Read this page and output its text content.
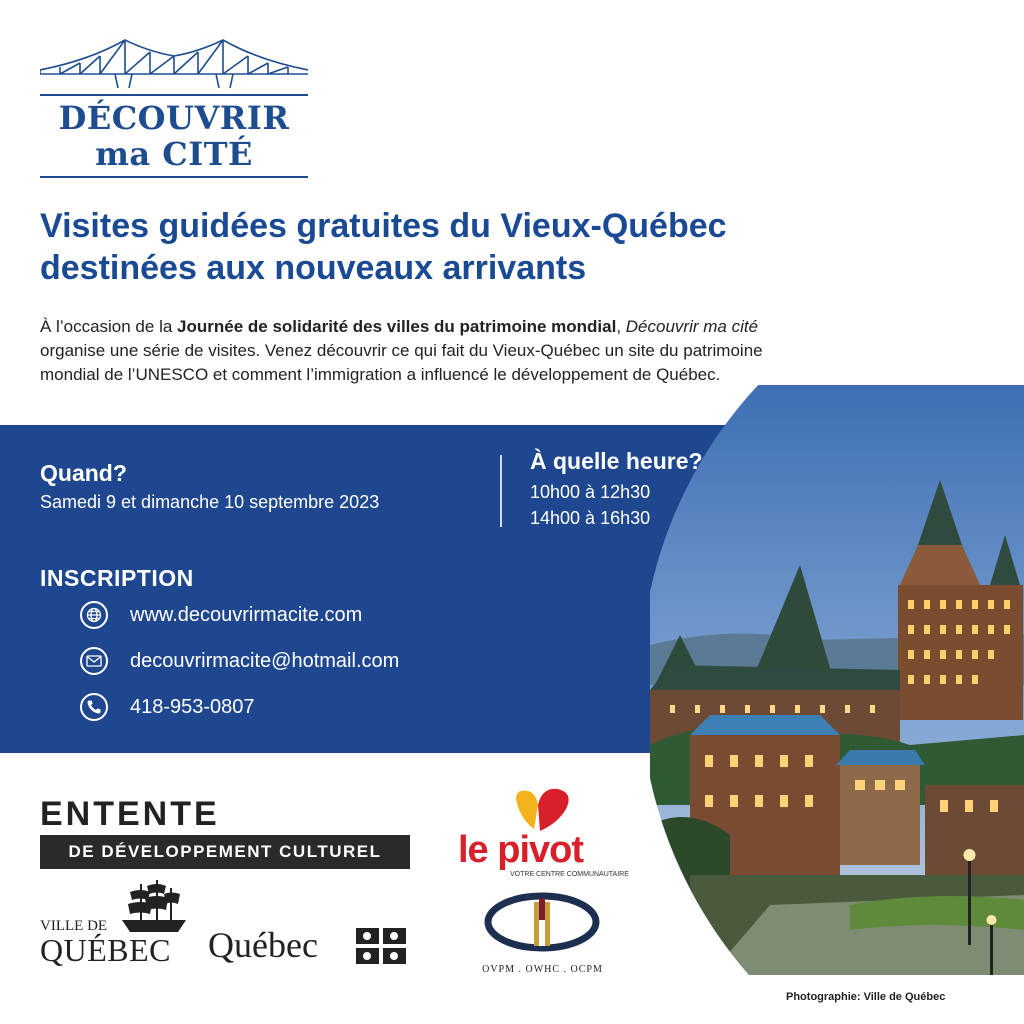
DÉCOUVRIR
ma CITÉ
Visites guidées gratuites du Vieux-Québec
destinées aux nouveaux arrivants

À l’occasion de la Journée de solidarité des villes du patrimoine mondial, Découvrir ma cité organise une série de visites. Venez découvrir ce qui fait du Vieux-Québec un site du patrimoine mondial de l’UNESCO et comment l’immigration a influencé le développement de Québec.

Quand?
Samedi 9 et dimanche 10 septembre 2023
À quelle heure?
10h00 à 12h30
14h00 à 16h30
INSCRIPTION
www.decouvrirmacite.com
decouvrirmacite@hotmail.com
418-953-0807
ENTENTE
DE DÉVELOPPEMENT CULTUREL
VILLE DE
QUÉBEC Québec
le pivot
VOTRE CENTRE COMMUNAUTAIRE
OVPM . OWHC . OCPM
Photographie: Ville de Québec
